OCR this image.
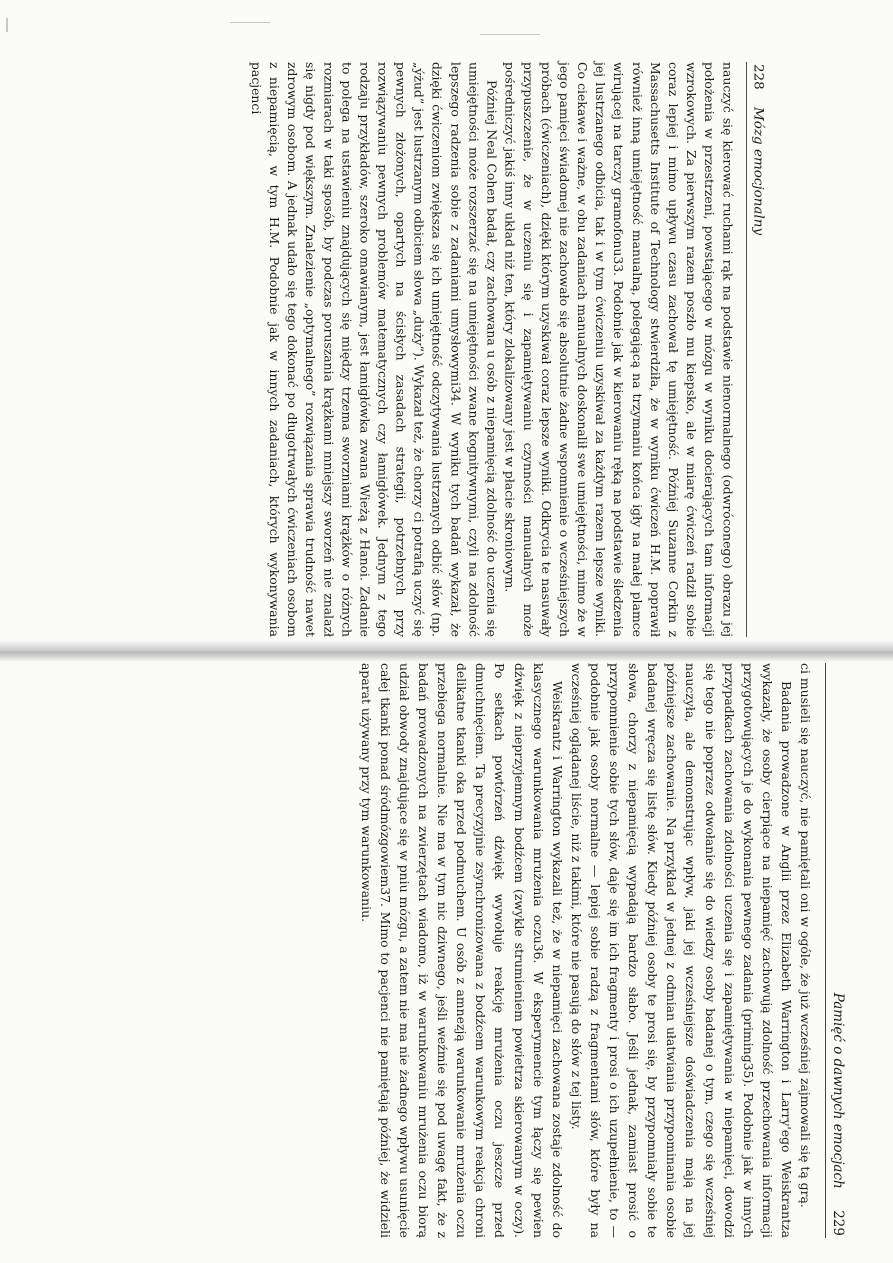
228    Mózg emocjonalny

nauczyć się kierować ruchami rąk na podstawie nienormalnego (odwróconego) obrazu jej położenia w przestrzeni, powstającego w mózgu w wyniku docierających tam informacji wzrokowych. Za pierwszym razem poszło mu kiepsko, ale w miarę ćwiczeń radził sobie coraz lepiej i mimo upływu czasu zachował tę umiejętność. Później Suzanne Corkin z Massachusetts Institute of Technology stwierdziła, że w wyniku ćwiczeń H.M. poprawił również inną umiejętność manualną, polegającą na trzymaniu końca igły na małej plamce wirującej na tarczy gramofonu33. Podobnie jak w kierowaniu ręką na podstawie śledzenia jej lustrzanego odbicia, tak i w tym ćwiczeniu uzyskiwał za każdym razem lepsze wyniki. Co ciekawe i ważne, w obu zadaniach manualnych doskonalił swe umiejętności, mimo że w jego pamięci świadomej nie zachowało się absolutnie żadne wspomnienie o wcześniejszych próbach (ćwiczeniach), dzięki którym uzyskiwał coraz lepsze wyniki. Odkrycia te nasuwały przypuszczenie, że w uczeniu się i zapamiętywaniu czynności manualnych może pośredniczyć jakiś inny układ niż ten, który zlokalizowany jest w płacie skroniowym.

Później Neal Cohen badał, czy zachowana u osób z niepamięcią zdolność do uczenia się umiejętności może rozszerzać się na umiejętności zwane kognitywnymi, czyli na zdolność lepszego radzenia sobie z zadaniami umysłowymi34. W wyniku tych badań wykazał, że dzięki ćwiczeniom zwiększa się ich umiejętność odczytywania lustrzanych odbić słów (np. „ýżud” jest lustrzanym odbiciem słowa „duży”). Wykazał też, że chorzy ci potrafią uczyć się pewnych złożonych, opartych na ścisłych zasadach strategii, potrzebnych przy rozwiązywaniu pewnych problemów matematycznych czy łamigłówek. Jednym z tego rodzaju przykładów, szeroko omawianym, jest łamigłówka zwana Wieżą z Hanoi. Zadanie to polega na ustawieniu znajdujących się między trzema sworzniami krążków o różnych rozmiarach w taki sposób, by podczas poruszania krążkami mniejszy sworzeń nie znalazł się nigdy pod większym. Znalezienie „optymalnego” rozwiązania sprawia trudność nawet zdrowym osobom. A jednak udało się tego dokonać po długotrwałych ćwiczeniach osobom z niepamięcią, w tym H.M. Podobnie jak w innych zadaniach, których wykonywania pacjenci

Pamięć o dawnych emocjach     229

ci musieli się nauczyć, nie pamiętali oni w ogóle, że już wcześniej zajmowali się tą grą.

Badania prowadzone w Anglii przez Elizabeth Warrington i Larry'ego Weiskrantza wykazały, że osoby cierpiące na niepamięć zachowują zdolność przechowania informacji przygotowujących je do wykonania pewnego zadania (priming35). Podobnie jak w innych przypadkach zachowania zdolności uczenia się i zapamiętywania w niepamięci, dowodzi się tego nie poprzez odwołanie się do wiedzy osoby badanej o tym, czego się wcześniej nauczyła, ale demonstrując wpływ, jaki jej wcześniejsze doświadczenia mają na jej późniejsze zachowanie. Na przykład w jednej z odmian ułatwiania przypominania osobie badanej wręcza się listę słów. Kiedy później osoby te prosi się, by przypomniały sobie te słowa, chorzy z niepamięcią wypadają bardzo słabo. Jeśli jednak, zamiast prosić o przypomnienie sobie tych słów, daje się im ich fragmenty i prosi o ich uzupełnienie, to — podobnie jak osoby normalne — lepiej sobie radzą z fragmentami słów, które były na wcześniej oglądanej liście, niż z takimi, które nie pasują do słów z tej listy.

Weiskrantz i Warrington wykazali też, że w niepamięci zachowana zostaje zdolność do klasycznego warunkowania mrużenia oczu36. W eksperymencie tym łączy się pewien dźwięk z nieprzyjemnym bodźcem (zwykle strumieniem powietrza skierowanym w oczy). Po setkach powtórzeń dźwięk wywołuje reakcję mrużenia oczu jeszcze przed dmuchnięciem. Ta precyzyjnie zsynchronizowana z bodźcem warunkowym reakcja chroni delikatne tkanki oka przed podmuchem. U osób z amnezją warunkowanie mrużenia oczu przebiega normalnie. Nie ma w tym nic dziwnego, jeśli weźmie się pod uwagę fakt, że z badań prowadzonych na zwierzętach wiadomo, iż w warunkowaniu mrużenia oczu biorą udział obwody znajdujące się w pniu mózgu, a zatem nie ma nie żadnego wpływu usunięcie całej tkanki ponad śródmózgowiem37. Mimo to pacjenci nie pamiętają później, że widzieli aparat używany przy tym warunkowaniu.
